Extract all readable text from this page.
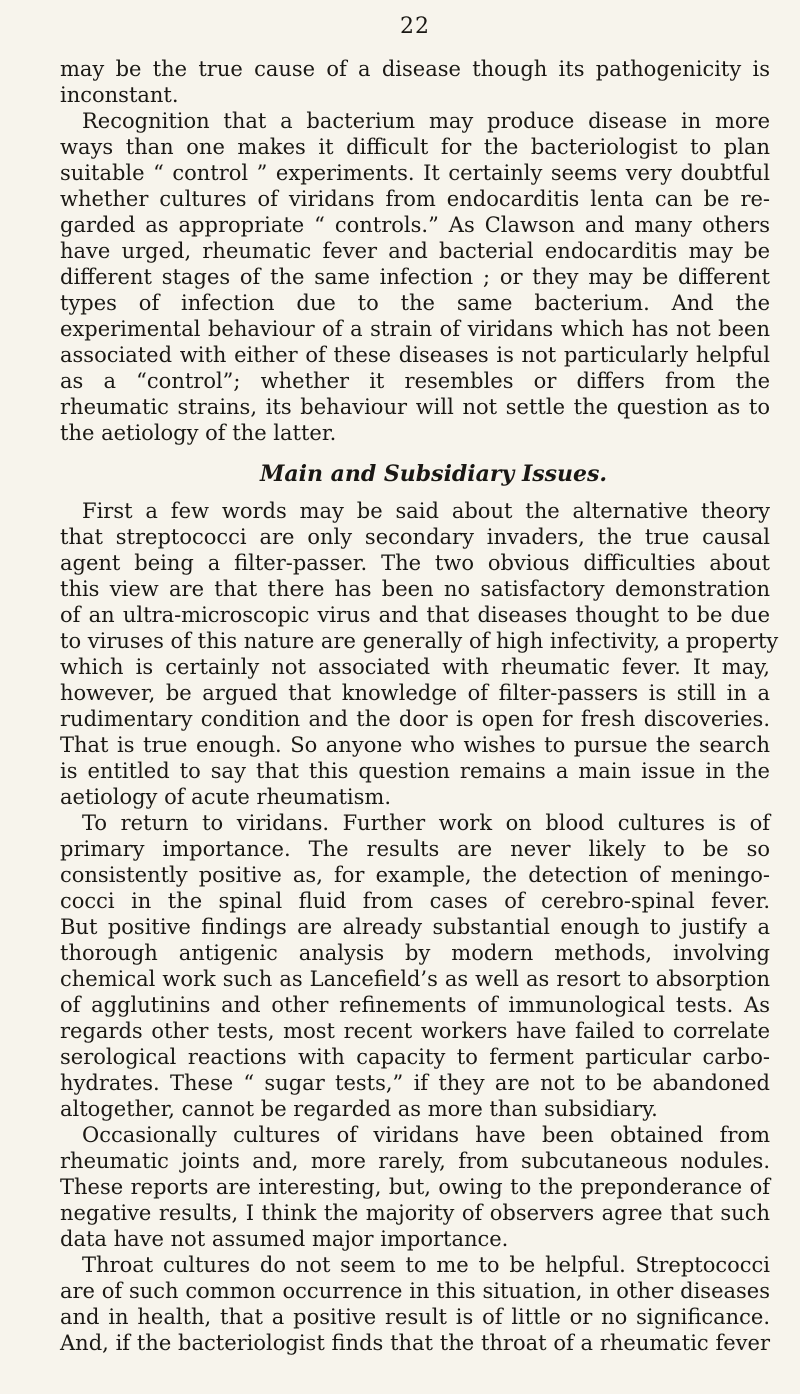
22
may be the true cause of a disease though its pathogenicity is
inconstant.
Recognition that a bacterium may produce disease in more
ways than one makes it difficult for the bacteriologist to plan
suitable “ control ” experiments. It certainly seems very doubtful
whether cultures of viridans from endocarditis lenta can be re-
garded as appropriate “ controls.” As Clawson and many others
have urged, rheumatic fever and bacterial endocarditis may be
different stages of the same infection ; or they may be different
types of infection due to the same bacterium. And the
experimental behaviour of a strain of viridans which has not been
associated with either of these diseases is not particularly helpful
as a “control”; whether it resembles or differs from the
rheumatic strains, its behaviour will not settle the question as to
the aetiology of the latter.
Main and Subsidiary Issues.
First a few words may be said about the alternative theory
that streptococci are only secondary invaders, the true causal
agent being a filter-passer. The two obvious difficulties about
this view are that there has been no satisfactory demonstration
of an ultra-microscopic virus and that diseases thought to be due
to viruses of this nature are generally of high infectivity, a property
which is certainly not associated with rheumatic fever. It may,
however, be argued that knowledge of filter-passers is still in a
rudimentary condition and the door is open for fresh discoveries.
That is true enough. So anyone who wishes to pursue the search
is entitled to say that this question remains a main issue in the
aetiology of acute rheumatism.
To return to viridans. Further work on blood cultures is of
primary importance. The results are never likely to be so
consistently positive as, for example, the detection of meningo-
cocci in the spinal fluid from cases of cerebro-spinal fever.
But positive findings are already substantial enough to justify a
thorough antigenic analysis by modern methods, involving
chemical work such as Lancefield’s as well as resort to absorption
of agglutinins and other refinements of immunological tests. As
regards other tests, most recent workers have failed to correlate
serological reactions with capacity to ferment particular carbo-
hydrates. These “ sugar tests,” if they are not to be abandoned
altogether, cannot be regarded as more than subsidiary.
Occasionally cultures of viridans have been obtained from
rheumatic joints and, more rarely, from subcutaneous nodules.
These reports are interesting, but, owing to the preponderance of
negative results, I think the majority of observers agree that such
data have not assumed major importance.
Throat cultures do not seem to me to be helpful. Streptococci
are of such common occurrence in this situation, in other diseases
and in health, that a positive result is of little or no significance.
And, if the bacteriologist finds that the throat of a rheumatic fever
